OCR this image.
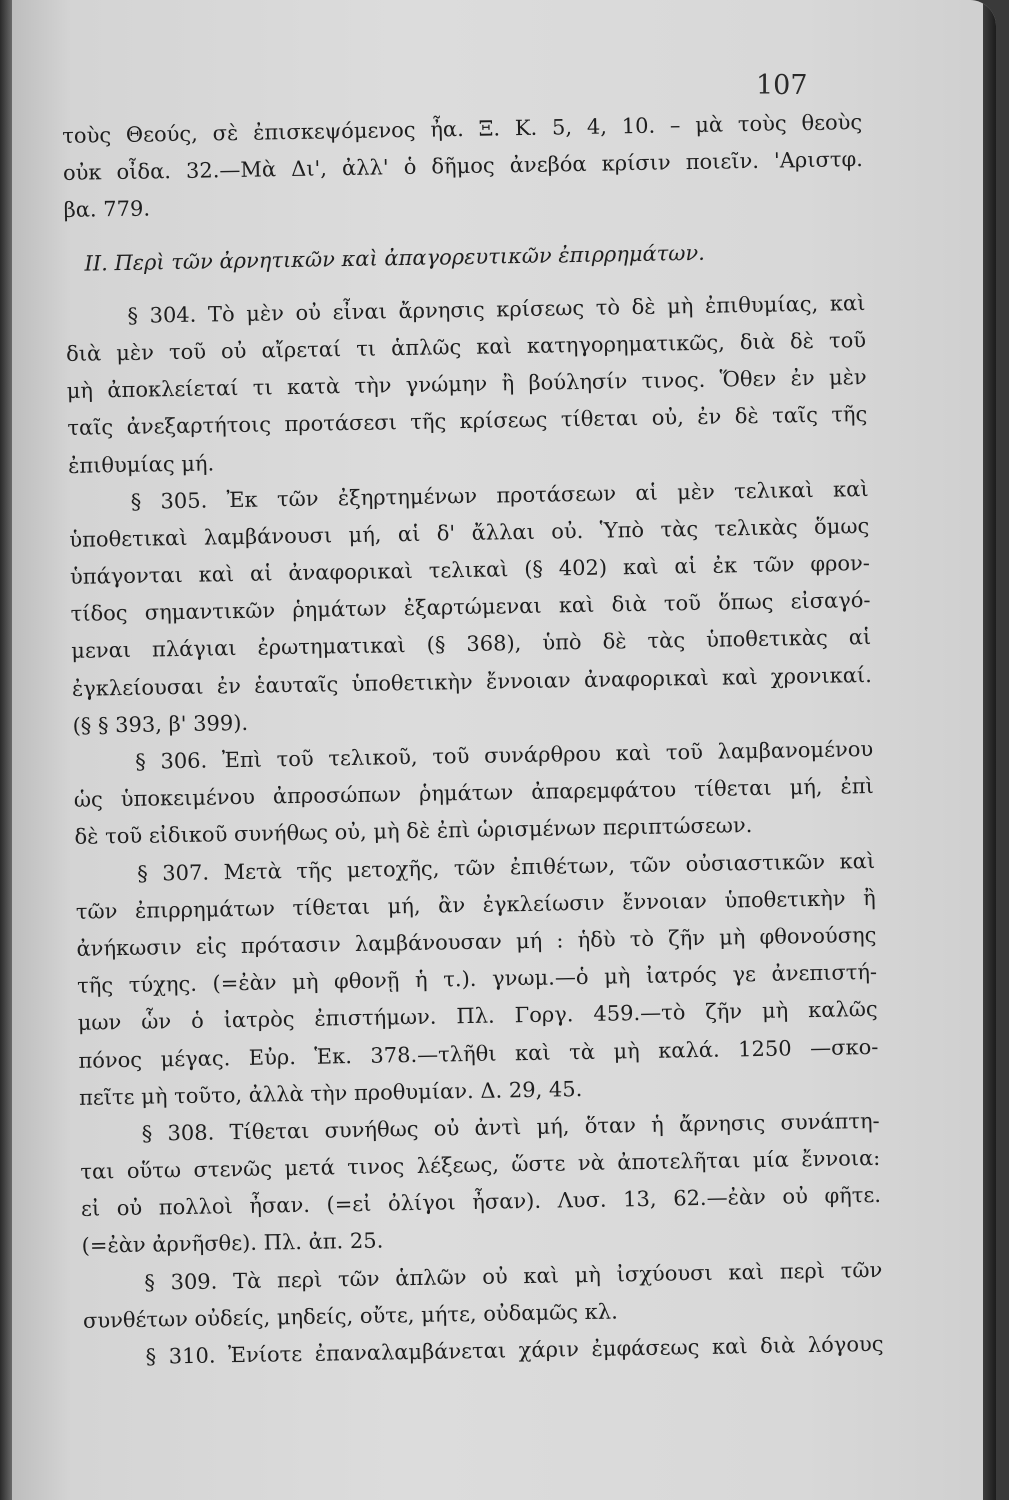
107
τοὺς Θεούς, σὲ ἐπισκεψόμενος ἦα. Ξ. Κ. 5, 4, 10. – μὰ τοὺς θεοὺς
οὐκ οἶδα. 32.—Μὰ Δι', ἀλλ' ὁ δῆμος ἀνεβόα κρίσιν ποιεῖν. 'Αριστφ.
βα. 779.
II. Περὶ τῶν ἀρνητικῶν καὶ ἀπαγορευτικῶν ἐπιρρημάτων.
§ 304. Τὸ μὲν οὐ εἶναι ἄρνησις κρίσεως τὸ δὲ μὴ ἐπιθυμίας, καὶ
διὰ μὲν τοῦ οὐ αἴρεταί τι ἁπλῶς καὶ κατηγορηματικῶς, διὰ δὲ τοῦ
μὴ ἀποκλείεταί τι κατὰ τὴν γνώμην ἢ βούλησίν τινος. Ὅθεν ἐν μὲν
ταῖς ἀνεξαρτήτοις προτάσεσι τῆς κρίσεως τίθεται οὐ, ἐν δὲ ταῖς τῆς
ἐπιθυμίας μή.
§ 305. Ἐκ τῶν ἐξηρτημένων προτάσεων αἱ μὲν τελικαὶ καὶ
ὑποθετικαὶ λαμβάνουσι μή, αἱ δ' ἄλλαι οὐ. Ὑπὸ τὰς τελικὰς ὅμως
ὑπάγονται καὶ αἱ ἀναφορικαὶ τελικαὶ (§ 402) καὶ αἱ ἐκ τῶν φρον-
τίδος σημαντικῶν ῥημάτων ἐξαρτώμεναι καὶ διὰ τοῦ ὅπως εἰσαγό-
μεναι πλάγιαι ἐρωτηματικαὶ (§ 368), ὑπὸ δὲ τὰς ὑποθετικὰς αἱ
ἐγκλείουσαι ἐν ἑαυταῖς ὑποθετικὴν ἔννοιαν ἀναφορικαὶ καὶ χρονικαί.
(§ § 393, β' 399).
§ 306. Ἐπὶ τοῦ τελικοῦ, τοῦ συνάρθρου καὶ τοῦ λαμβανομένου
ὡς ὑποκειμένου ἀπροσώπων ῥημάτων ἀπαρεμφάτου τίθεται μή, ἐπὶ
δὲ τοῦ εἰδικοῦ συνήθως οὐ, μὴ δὲ ἐπὶ ὡρισμένων περιπτώσεων.
§ 307. Μετὰ τῆς μετοχῆς, τῶν ἐπιθέτων, τῶν οὐσιαστικῶν καὶ
τῶν ἐπιρρημάτων τίθεται μή, ἂν ἐγκλείωσιν ἔννοιαν ὑποθετικὴν ἢ
ἀνήκωσιν εἰς πρότασιν λαμβάνουσαν μή : ἡδὺ τὸ ζῆν μὴ φθονούσης
τῆς τύχης. (=ἐὰν μὴ φθονῇ ἡ τ.). γνωμ.—ὁ μὴ ἰατρός γε ἀνεπιστή-
μων ὧν ὁ ἰατρὸς ἐπιστήμων. Πλ. Γοργ. 459.—τὸ ζῆν μὴ καλῶς
πόνος μέγας. Εὐρ. Ἑκ. 378.—τλῆθι καὶ τὰ μὴ καλά. 1250 —σκο-
πεῖτε μὴ τοῦτο, ἀλλὰ τὴν προθυμίαν. Δ. 29, 45.
§ 308. Τίθεται συνήθως οὐ ἀντὶ μή, ὅταν ἡ ἄρνησις συνάπτη-
ται οὕτω στενῶς μετά τινος λέξεως, ὥστε νὰ ἀποτελῆται μία ἔννοια:
εἰ οὐ πολλοὶ ἦσαν. (=εἰ ὀλίγοι ἦσαν). Λυσ. 13, 62.—ἐὰν οὐ φῆτε.
(=ἐὰν ἀρνῆσθε). Πλ. ἀπ. 25.
§ 309. Τὰ περὶ τῶν ἁπλῶν οὐ καὶ μὴ ἰσχύουσι καὶ περὶ τῶν
συνθέτων οὐδείς, μηδείς, οὔτε, μήτε, οὐδαμῶς κλ.
§ 310. Ἐνίοτε ἐπαναλαμβάνεται χάριν ἐμφάσεως καὶ διὰ λόγους
